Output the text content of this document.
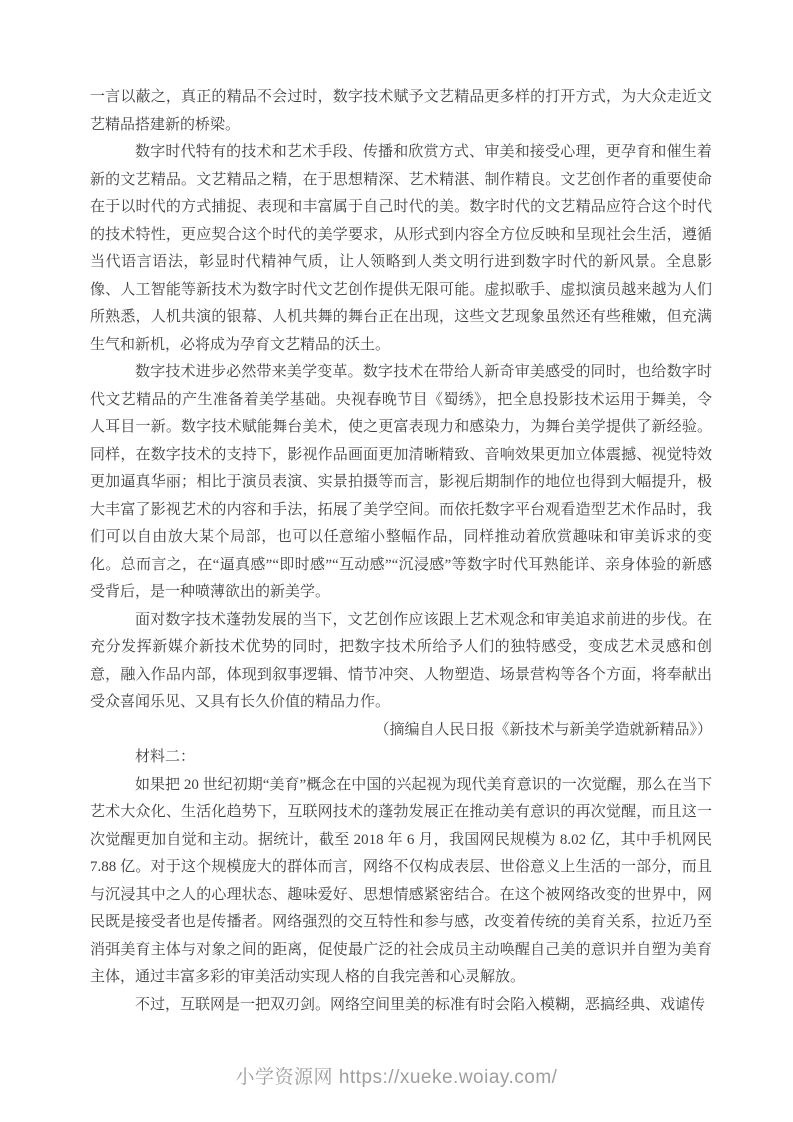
一言以蔽之，真正的精品不会过时，数字技术赋予文艺精品更多样的打开方式，为大众走近文艺精品搭建新的桥梁。

数字时代特有的技术和艺术手段、传播和欣赏方式、审美和接受心理，更孕育和催生着新的文艺精品。文艺精品之精，在于思想精深、艺术精湛、制作精良。文艺创作者的重要使命在于以时代的方式捕捉、表现和丰富属于自己时代的美。数字时代的文艺精品应符合这个时代的技术特性，更应契合这个时代的美学要求，从形式到内容全方位反映和呈现社会生活，遵循当代语言语法，彰显时代精神气质，让人领略到人类文明行进到数字时代的新风景。全息影像、人工智能等新技术为数字时代文艺创作提供无限可能。虚拟歌手、虚拟演员越来越为人们所熟悉，人机共演的银幕、人机共舞的舞台正在出现，这些文艺现象虽然还有些稚嫩，但充满生气和新机，必将成为孕育文艺精品的沃土。

数字技术进步必然带来美学变革。数字技术在带给人新奇审美感受的同时，也给数字时代文艺精品的产生准备着美学基础。央视春晚节目《蜀绣》，把全息投影技术运用于舞美，令人耳目一新。数字技术赋能舞台美术，使之更富表现力和感染力，为舞台美学提供了新经验。同样，在数字技术的支持下，影视作品画面更加清晰精致、音响效果更加立体震撼、视觉特效更加逼真华丽；相比于演员表演、实景拍摄等而言，影视后期制作的地位也得到大幅提升，极大丰富了影视艺术的内容和手法，拓展了美学空间。而依托数字平台观看造型艺术作品时，我们可以自由放大某个局部，也可以任意缩小整幅作品，同样推动着欣赏趣味和审美诉求的变化。总而言之，在“逼真感”“即时感”“互动感”“沉浸感”等数字时代耳熟能详、亲身体验的新感受背后，是一种喷薄欲出的新美学。

面对数字技术蓬勃发展的当下，文艺创作应该跟上艺术观念和审美追求前进的步伐。在充分发挥新媒介新技术优势的同时，把数字技术所给予人们的独特感受，变成艺术灵感和创意，融入作品内部，体现到叙事逻辑、情节冲突、人物塑造、场景营构等各个方面，将奉献出受众喜闻乐见、又具有长久价值的精品力作。

（摘编自人民日报《新技术与新美学造就新精品》）

材料二：

如果把 20 世纪初期“美育”概念在中国的兴起视为现代美育意识的一次觉醒，那么在当下艺术大众化、生活化趋势下，互联网技术的蓬勃发展正在推动美有意识的再次觉醒，而且这一次觉醒更加自觉和主动。据统计，截至 2018 年 6 月，我国网民规模为 8.02 亿，其中手机网民 7.88 亿。对于这个规模庞大的群体而言，网络不仅构成表层、世俗意义上生活的一部分，而且与沉浸其中之人的心理状态、趣味爱好、思想情感紧密结合。在这个被网络改变的世界中，网民既是接受者也是传播者。网络强烈的交互特性和参与感，改变着传统的美育关系，拉近乃至消弭美育主体与对象之间的距离，促使最广泛的社会成员主动唤醒自己美的意识并自塑为美育主体，通过丰富多彩的审美活动实现人格的自我完善和心灵解放。

不过，互联网是一把双刃剑。网络空间里美的标准有时会陷入模糊，恶搞经典、戏谑传

小学资源网 https://xueke.woiay.com/
